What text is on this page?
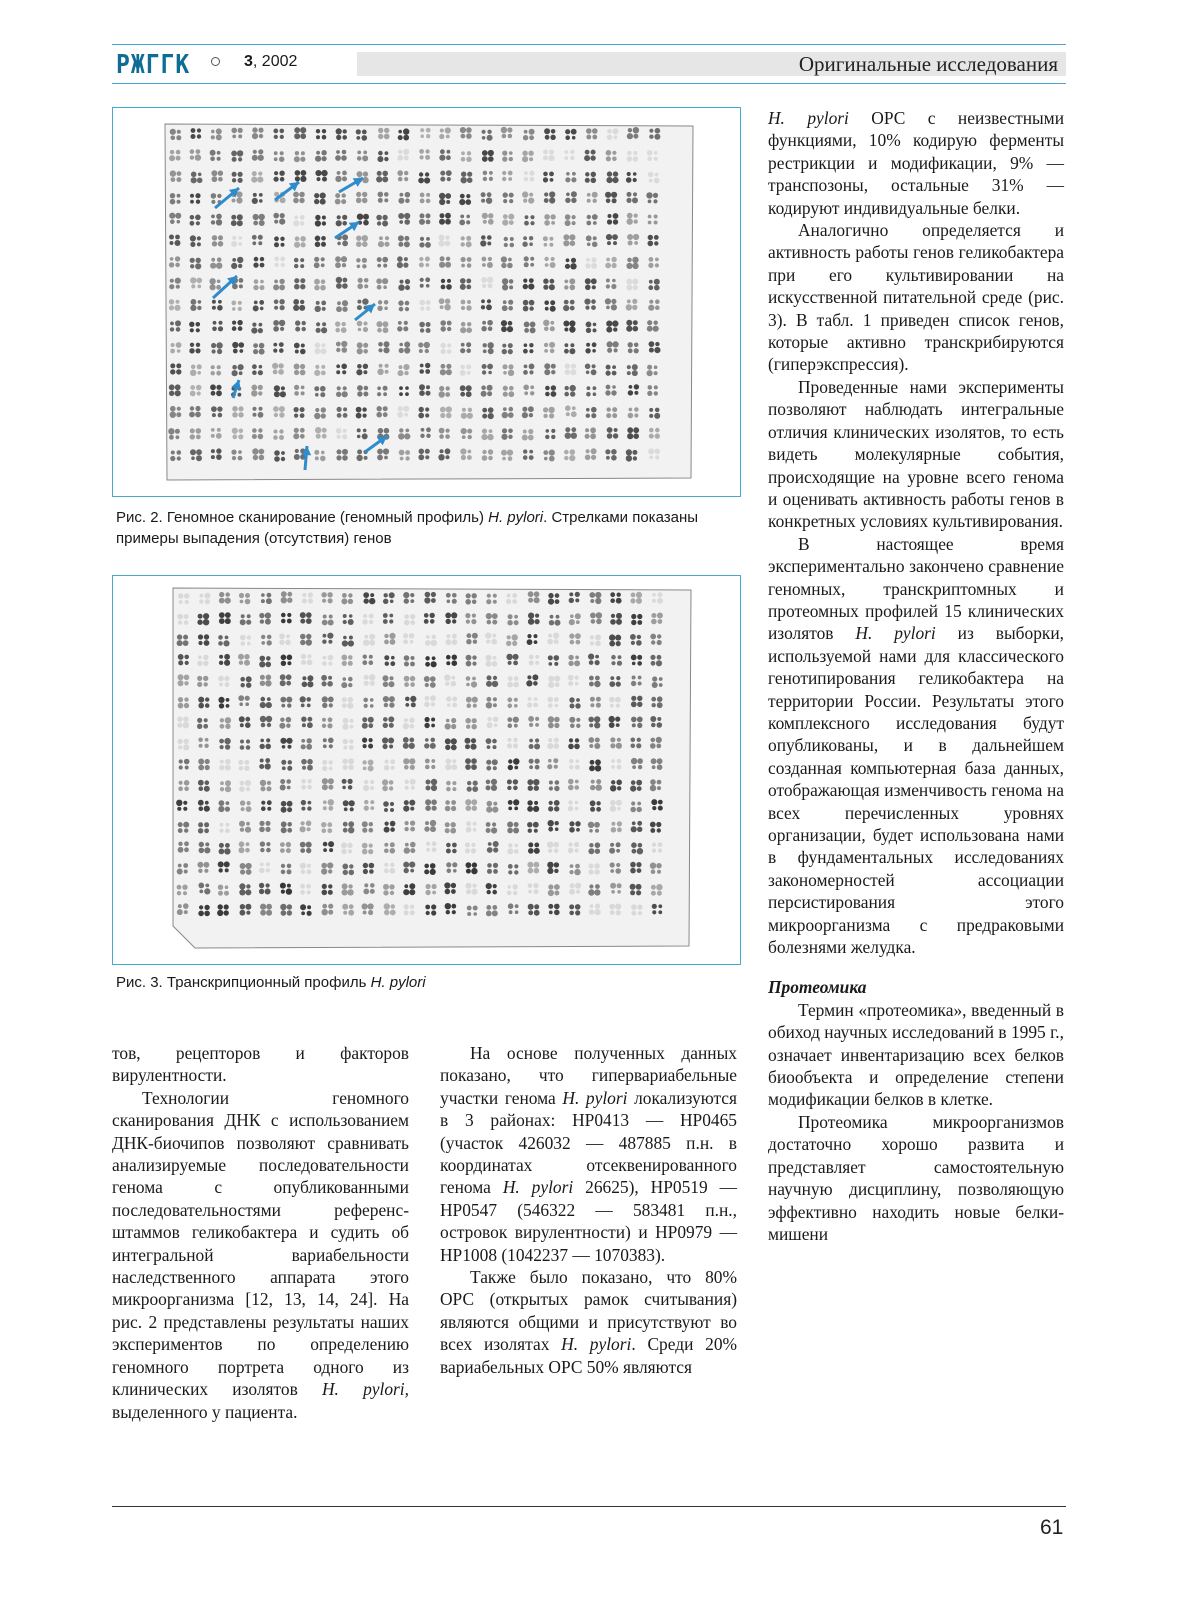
РЖГГК	3, 2002	Оригинальные исследования
Рис. 2. Геномное сканирование (геномный профиль) H. pylori. Стрелками показаны примеры выпадения (отсутствия) генов
Рис. 3. Транскрипционный профиль H. pylori

H. pylori ОРС с неизвестными функциями, 10% кодирую ферменты рестрикции и модификации, 9% — транспозоны, остальные 31% — кодируют индивидуальные белки.

Аналогично определяется и активность работы генов геликобактера при его культивировании на искусственной питательной среде (рис. 3). В табл. 1 приведен список генов, которые активно транскрибируются (гиперэкспрессия).

Проведенные нами эксперименты позволяют наблюдать интегральные отличия клинических изолятов, то есть видеть молекулярные события, происходящие на уровне всего генома и оценивать активность работы генов в конкретных условиях культивирования.

В настоящее время экспериментально закончено сравнение геномных, транскриптомных и протеомных профилей 15 клинических изолятов H. pylori из выборки, используемой нами для классического генотипирования геликобактера на территории России. Результаты этого комплексного исследования будут опубликованы, и в дальнейшем созданная компьютерная база данных, отображающая изменчивость генома на всех перечисленных уровнях организации, будет использована нами в фундаментальных исследованиях закономерностей ассоциации персистирования этого микроорганизма с предраковыми болезнями желудка.

Протеомика

Термин «протеомика», введенный в обиход научных исследований в 1995 г., означает инвентаризацию всех белков биообъекта и определение степени модификации белков в клетке.

Протеомика микроорганизмов достаточно хорошо развита и представляет самостоятельную научную дисциплину, позволяющую эффективно находить новые белки-мишени

тов, рецепторов и факторов вирулентности.

Технологии геномного сканирования ДНК с использованием ДНК-биочипов позволяют сравнивать анализируемые последовательности генома с опубликованными последовательностями референс-штаммов геликобактера и судить об интегральной вариабельности наследственного аппарата этого микроорганизма [12, 13, 14, 24]. На рис. 2 представлены результаты наших экспериментов по определению геномного портрета одного из клинических изолятов H. pylori, выделенного у пациента.

На основе полученных данных показано, что гипервариабельные участки генома H. pylori локализуются в 3 районах: HP0413 — HP0465 (участок 426032 — 487885 п.н. в координатах отсеквенированного генома H. pylori 26625), HP0519 — HP0547 (546322 — 583481 п.н., островок вирулентности) и HP0979 — HP1008 (1042237 — 1070383).

Также было показано, что 80% ОРС (открытых рамок считывания) являются общими и присутствуют во всех изолятах H. pylori. Среди 20% вариабельных ОРС 50% являются

61
